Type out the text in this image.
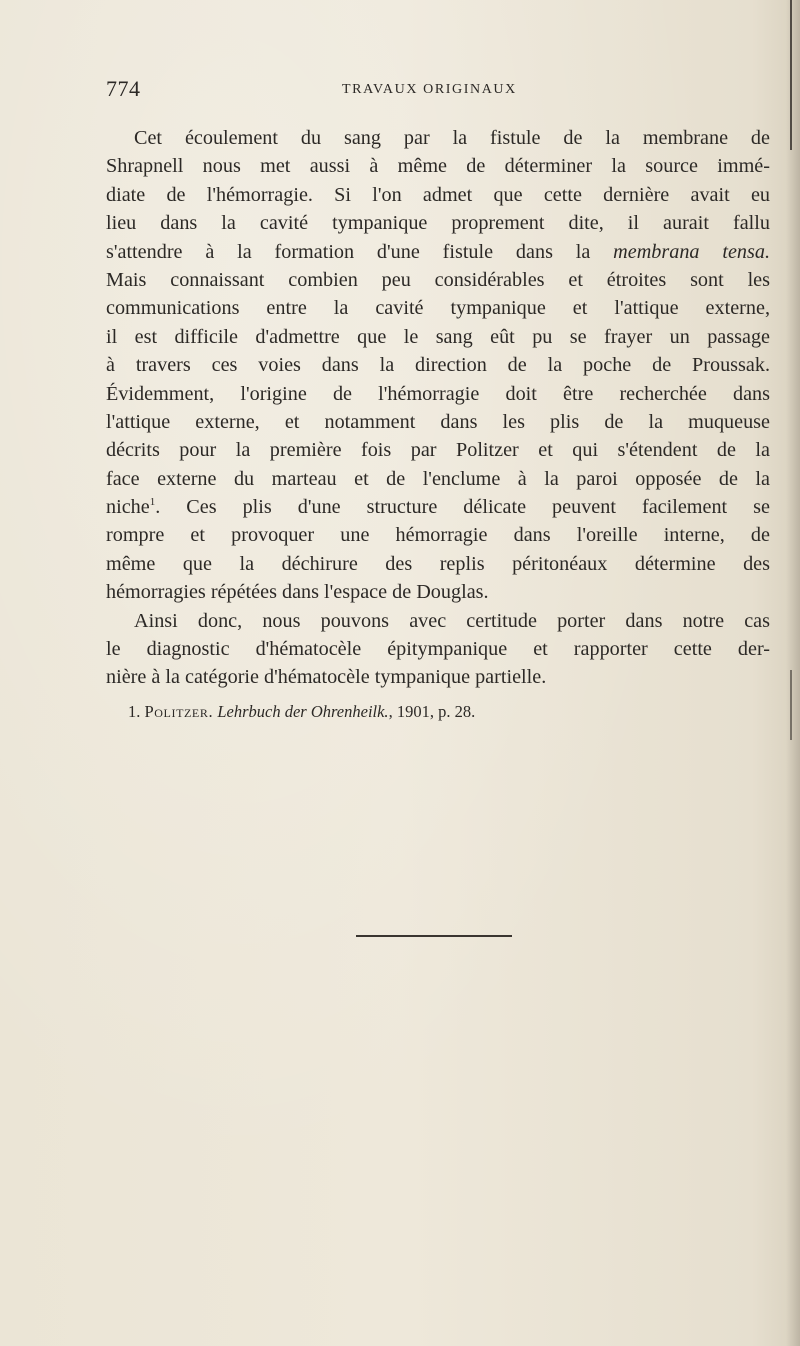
774	TRAVAUX ORIGINAUX
Cet écoulement du sang par la fistule de la membrane de
Shrapnell nous met aussi à même de déterminer la source immé-
diate de l'hémorragie. Si l'on admet que cette dernière avait eu
lieu dans la cavité tympanique proprement dite, il aurait fallu
s'attendre à la formation d'une fistule dans la membrana tensa.
Mais connaissant combien peu considérables et étroites sont les
communications entre la cavité tympanique et l'attique externe,
il est difficile d'admettre que le sang eût pu se frayer un passage
à travers ces voies dans la direction de la poche de Proussak.
Évidemment, l'origine de l'hémorragie doit être recherchée dans
l'attique externe, et notamment dans les plis de la muqueuse
décrits pour la première fois par Politzer et qui s'étendent de la
face externe du marteau et de l'enclume à la paroi opposée de la
niche$^1$. Ces plis d'une structure délicate peuvent facilement se
rompre et provoquer une hémorragie dans l'oreille interne, de
même que la déchirure des replis péritonéaux détermine des
hémorragies répétées dans l'espace de Douglas.
Ainsi donc, nous pouvons avec certitude porter dans notre cas
le diagnostic d'hématocèle épitympanique et rapporter cette der-
nière à la catégorie d'hématocèle tympanique partielle.
1. Politzer. Lehrbuch der Ohrenheilk., 1901, p. 28.
